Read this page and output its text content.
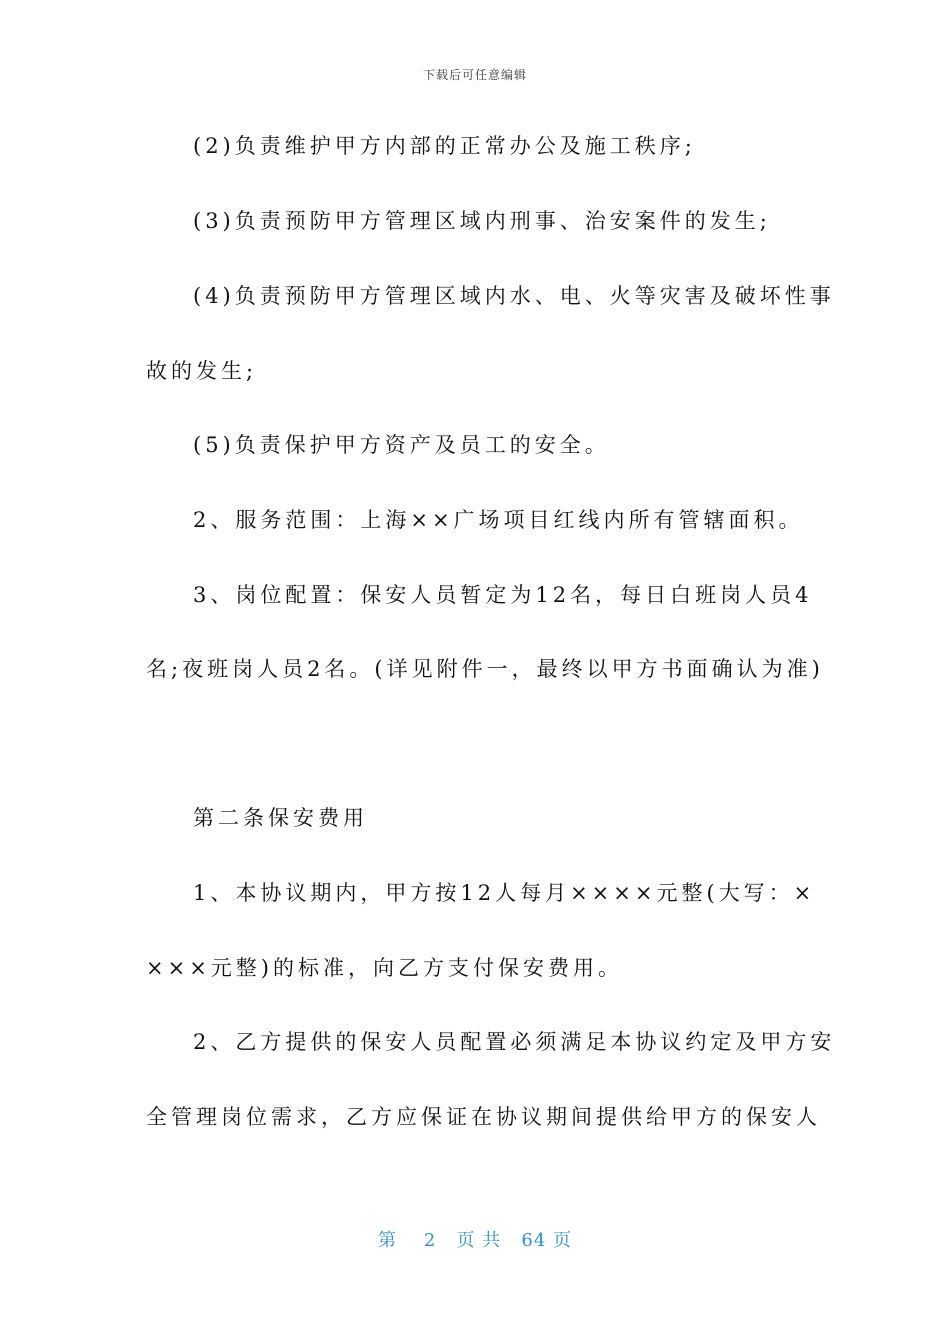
下载后可任意编辑
(2)负责维护甲方内部的正常办公及施工秩序;
(3)负责预防甲方管理区域内刑事、治安案件的发生;
(4)负责预防甲方管理区域内水、电、火等灾害及破坏性事
故的发生;
(5)负责保护甲方资产及员工的安全。
2、服务范围：上海××广场项目红线内所有管辖面积。
3、岗位配置：保安人员暂定为12名，每日白班岗人员4
名;夜班岗人员2名。(详见附件一，最终以甲方书面确认为准)
第二条保安费用
1、本协议期内，甲方按12人每月××××元整(大写：×
×××元整)的标准，向乙方支付保安费用。
2、乙方提供的保安人员配置必须满足本协议约定及甲方安
全管理岗位需求，乙方应保证在协议期间提供给甲方的保安人
第 2 页 共 64 页
